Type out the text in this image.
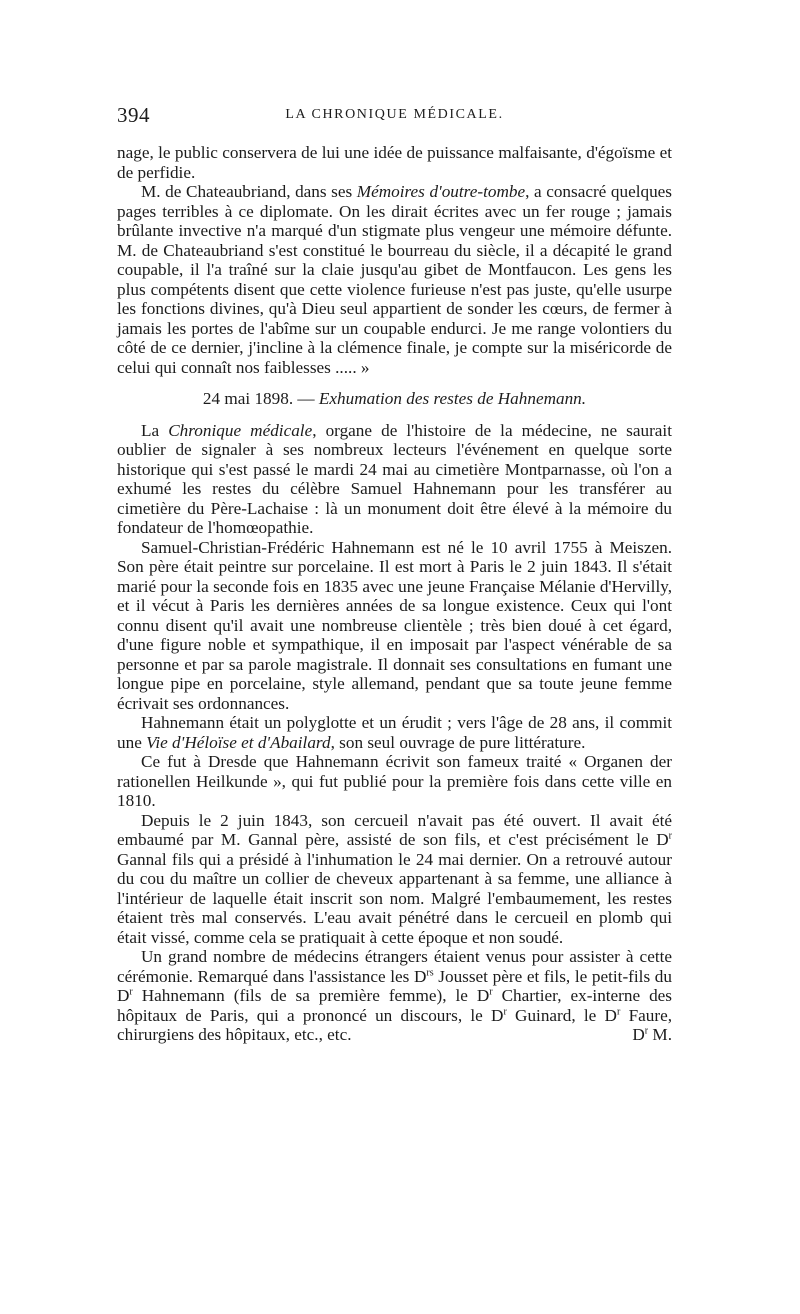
394	LA CHRONIQUE MÉDICALE.

nage, le public conservera de lui une idée de puissance malfaisante, d'égoïsme et de perfidie.

M. de Chateaubriand, dans ses Mémoires d'outre-tombe, a consacré quelques pages terribles à ce diplomate. On les dirait écrites avec un fer rouge ; jamais brûlante invective n'a marqué d'un stigmate plus vengeur une mémoire défunte. M. de Chateaubriand s'est constitué le bourreau du siècle, il a décapité le grand coupable, il l'a traîné sur la claie jusqu'au gibet de Montfaucon. Les gens les plus compétents disent que cette violence furieuse n'est pas juste, qu'elle usurpe les fonctions divines, qu'à Dieu seul appartient de sonder les cœurs, de fermer à jamais les portes de l'abîme sur un coupable endurci. Je me range volontiers du côté de ce dernier, j'incline à la clémence finale, je compte sur la miséricorde de celui qui connaît nos faiblesses ..... »

24 mai 1898. — Exhumation des restes de Hahnemann.

La Chronique médicale, organe de l'histoire de la médecine, ne saurait oublier de signaler à ses nombreux lecteurs l'événement en quelque sorte historique qui s'est passé le mardi 24 mai au cimetière Montparnasse, où l'on a exhumé les restes du célèbre Samuel Hahnemann pour les transférer au cimetière du Père-Lachaise : là un monument doit être élevé à la mémoire du fondateur de l'homœopathie.

Samuel-Christian-Frédéric Hahnemann est né le 10 avril 1755 à Meiszen. Son père était peintre sur porcelaine. Il est mort à Paris le 2 juin 1843. Il s'était marié pour la seconde fois en 1835 avec une jeune Française Mélanie d'Hervilly, et il vécut à Paris les dernières années de sa longue existence. Ceux qui l'ont connu disent qu'il avait une nombreuse clientèle ; très bien doué à cet égard, d'une figure noble et sympathique, il en imposait par l'aspect vénérable de sa personne et par sa parole magistrale. Il donnait ses consultations en fumant une longue pipe en porcelaine, style allemand, pendant que sa toute jeune femme écrivait ses ordonnances.

Hahnemann était un polyglotte et un érudit ; vers l'âge de 28 ans, il commit une Vie d'Héloïse et d'Abailard, son seul ouvrage de pure littérature.

Ce fut à Dresde que Hahnemann écrivit son fameux traité « Organen der rationellen Heilkunde », qui fut publié pour la première fois dans cette ville en 1810.

Depuis le 2 juin 1843, son cercueil n'avait pas été ouvert. Il avait été embaumé par M. Gannal père, assisté de son fils, et c'est précisément le $D^r$ Gannal fils qui a présidé à l'inhumation le 24 mai dernier. On a retrouvé autour du cou du maître un collier de cheveux appartenant à sa femme, une alliance à l'intérieur de laquelle était inscrit son nom. Malgré l'embaumement, les restes étaient très mal conservés. L'eau avait pénétré dans le cercueil en plomb qui était vissé, comme cela se pratiquait à cette époque et non soudé.

Un grand nombre de médecins étrangers étaient venus pour assister à cette cérémonie. Remarqué dans l'assistance les $D^{rs}$ Jousset père et fils, le petit-fils du $D^r$ Hahnemann (fils de sa première femme), le $D^r$ Chartier, ex-interne des hôpitaux de Paris, qui a prononcé un discours, le $D^r$ Guinard, le $D^r$ Faure, chirurgiens des hôpitaux, etc., etc.	$D^r$ M.
